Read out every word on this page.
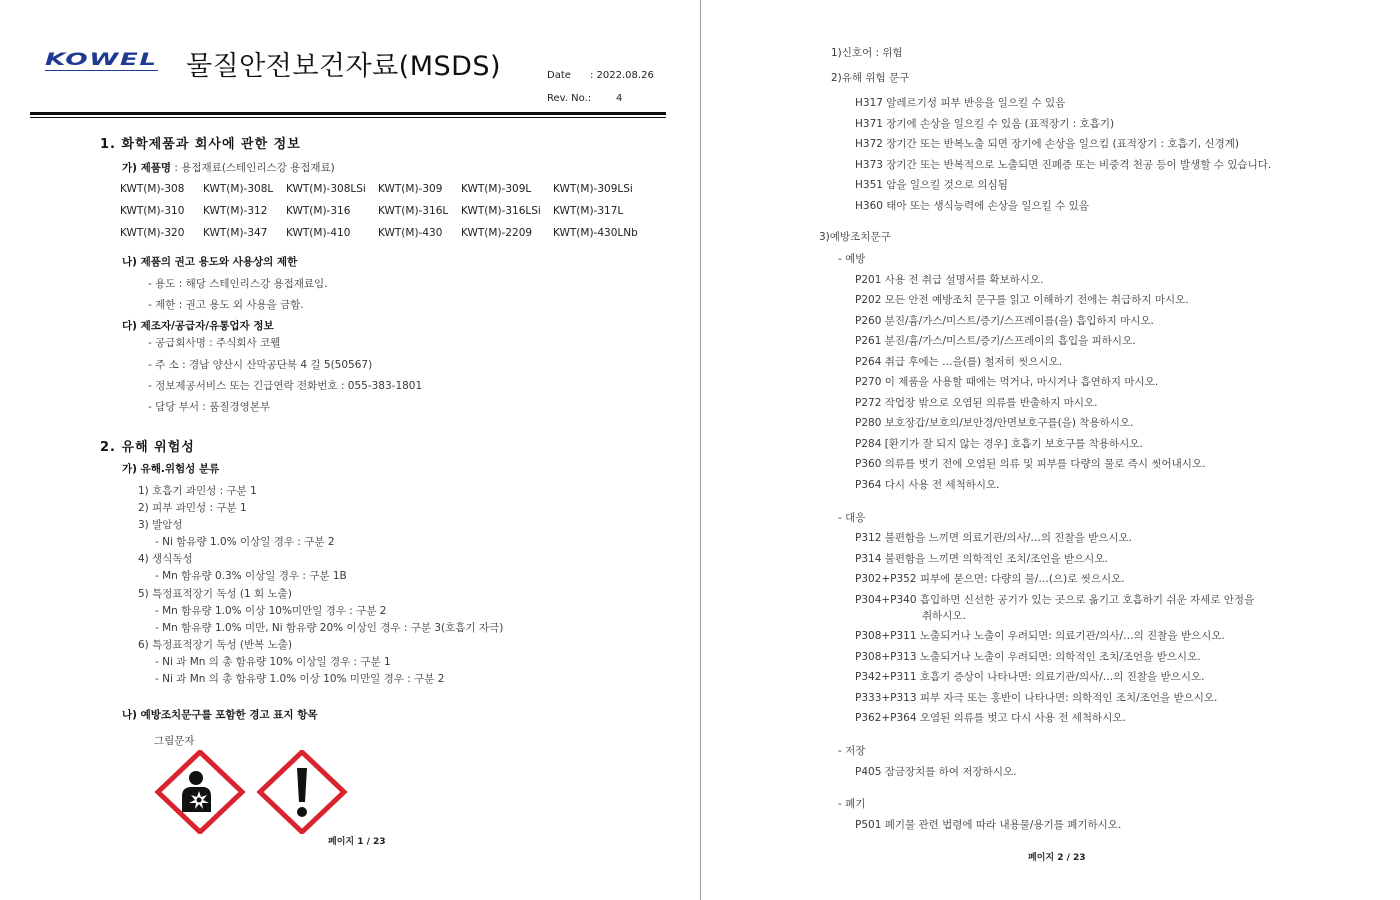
KOWEL 물질안전보건자료(MSDS)	Date : 2022.08.26
Rev. No.: 4
1. 화학제품과 회사에 관한 정보
가) 제품명 : 용접재료(스테인리스강 용접재료)
KWT(M)-308 KWT(M)-308L KWT(M)-308LSi KWT(M)-309 KWT(M)-309L KWT(M)-309LSi
KWT(M)-310 KWT(M)-312 KWT(M)-316	KWT(M)-316L KWT(M)-316LSi KWT(M)-317L
KWT(M)-320 KWT(M)-347 KWT(M)-410	KWT(M)-430 KWT(M)-2209 KWT(M)-430LNb
나) 제품의 권고 용도와 사용상의 제한
- 용도 : 해당 스테인리스강 용접재료임.
- 제한 : 권고 용도 외 사용을 금함.
다) 제조자/공급자/유통업자 정보
- 공급회사명 : 주식회사 코웰
- 주 소 : 경남 양산시 산막공단북 4 길 5(50567)
- 정보제공서비스 또는 긴급연락 전화번호 : 055-383-1801
- 담당 부서 : 품질경영본부
2. 유해 위험성
가) 유해.위험성 분류
1) 호흡기 과민성 : 구분 1
2) 피부 과민성 : 구분 1
3) 발암성
- Ni 함유량 1.0% 이상일 경우 : 구분 2
4) 생식독성
- Mn 함유량 0.3% 이상일 경우 : 구분 1B
5) 특정표적장기 독성 (1 회 노출)
- Mn 함유량 1.0% 이상 10%미만일 경우 : 구분 2
- Mn 함유량 1.0% 미만, Ni 함유량 20% 이상인 경우 : 구분 3(호흡기 자극)
6) 특정표적장기 독성 (반복 노출)
- Ni 과 Mn 의 총 함유량 10% 이상일 경우 : 구분 1
- Ni 과 Mn 의 총 함유량 1.0% 이상 10% 미만일 경우 : 구분 2
나) 예방조치문구를 포함한 경고 표지 항목
그림문자
페이지 1 / 23
1)신호어 : 위험
2)유해 위험 문구
H317 알레르기성 피부 반응을 일으킬 수 있음
H371 장기에 손상을 일으킬 수 있음 (표적장기 : 호흡기)
H372 장기간 또는 반복노출 되면 장기에 손상을 일으킴 (표적장기 : 호흡기, 신경계)
H373 장기간 또는 반복적으로 노출되면 진폐증 또는 비중격 천공 등이 발생할 수 있습니다.
H351 암을 일으킬 것으로 의심됨
H360 태아 또는 생식능력에 손상을 일으킬 수 있음
3)예방조치문구
- 예방
P201 사용 전 취급 설명서를 확보하시오.
P202 모든 안전 예방조치 문구를 읽고 이해하기 전에는 취급하지 마시오.
P260 분진/흄/가스/미스트/증기/스프레이를(을) 흡입하지 마시오.
P261 분진/흄/가스/미스트/증기/스프레이의 흡입을 피하시오.
P264 취급 후에는 …을(를) 철저히 씻으시오.
P270 이 제품을 사용할 때에는 먹거나, 마시거나 흡연하지 마시오.
P272 작업장 밖으로 오염된 의류를 반출하지 마시오.
P280 보호장갑/보호의/보안경/안면보호구를(을) 착용하시오.
P284 [환기가 잘 되지 않는 경우] 호흡기 보호구를 착용하시오.
P360 의류를 벗기 전에 오염된 의류 및 피부를 다량의 물로 즉시 씻어내시오.
P364 다시 사용 전 세척하시오.
- 대응
P312 불편함을 느끼면 의료기관/의사/…의 진찰을 받으시오.
P314 불편함을 느끼면 의학적인 조치/조언을 받으시오.
P302+P352 피부에 묻으면: 다량의 물/…(으)로 씻으시오.
P304+P340 흡입하면 신선한 공기가 있는 곳으로 옮기고 호흡하기 쉬운 자세로 안정을
취하시오.
P308+P311 노출되거나 노출이 우려되면: 의료기관/의사/…의 진찰을 받으시오.
P308+P313 노출되거나 노출이 우려되면: 의학적인 조치/조언을 받으시오.
P342+P311 호흡기 증상이 나타나면: 의료기관/의사/…의 진찰을 받으시오.
P333+P313 피부 자극 또는 홍반이 나타나면: 의학적인 조치/조언을 받으시오.
P362+P364 오염된 의류를 벗고 다시 사용 전 세척하시오.
- 저장
P405 잠금장치를 하여 저장하시오.
- 폐기
P501 폐기물 관련 법령에 따라 내용물/용기를 폐기하시오.
페이지 2 / 23
